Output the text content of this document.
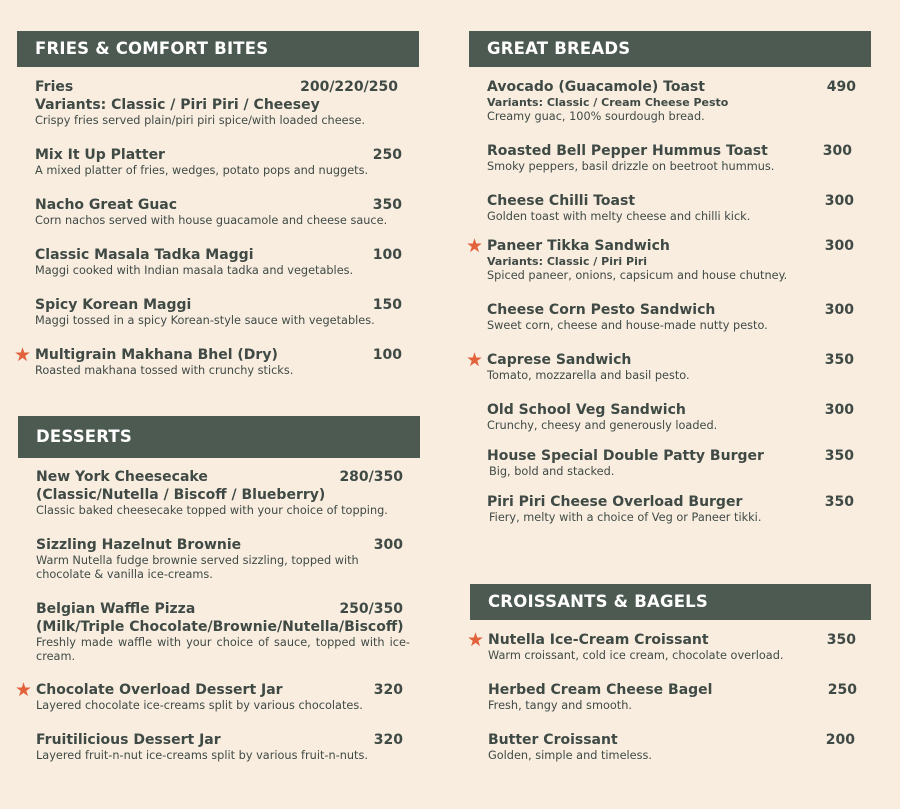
FRIES & COMFORT BITES
Fries	200/220/250
Variants: Classic / Piri Piri / Cheesey
Crispy fries served plain/piri piri spice/with loaded cheese.
Mix It Up Platter	250
A mixed platter of fries, wedges, potato pops and nuggets.
Nacho Great Guac	350
Corn nachos served with house guacamole and cheese sauce.
Classic Masala Tadka Maggi	100
Maggi cooked with Indian masala tadka and vegetables.
Spicy Korean Maggi	150
Maggi tossed in a spicy Korean-style sauce with vegetables.
★ Multigrain Makhana Bhel (Dry)	100
Roasted makhana tossed with crunchy sticks.
DESSERTS
New York Cheesecake	280/350
(Classic/Nutella / Biscoff / Blueberry)
Classic baked cheesecake topped with your choice of topping.
Sizzling Hazelnut Brownie	300
Warm Nutella fudge brownie served sizzling, topped with chocolate & vanilla ice-creams.
Belgian Waffle Pizza	250/350
(Milk/Triple Chocolate/Brownie/Nutella/Biscoff)
Freshly made waffle with your choice of sauce, topped with ice-cream.
★ Chocolate Overload Dessert Jar	320
Layered chocolate ice-creams split by various chocolates.
Fruitilicious Dessert Jar	320
Layered fruit-n-nut ice-creams split by various fruit-n-nuts.
GREAT BREADS
Avocado (Guacamole) Toast	490
Variants: Classic / Cream Cheese Pesto
Creamy guac, 100% sourdough bread.
Roasted Bell Pepper Hummus Toast	300
Smoky peppers, basil drizzle on beetroot hummus.
Cheese Chilli Toast	300
Golden toast with melty cheese and chilli kick.
★ Paneer Tikka Sandwich	300
Variants: Classic / Piri Piri
Spiced paneer, onions, capsicum and house chutney.
Cheese Corn Pesto Sandwich	300
Sweet corn, cheese and house-made nutty pesto.
★ Caprese Sandwich	350
Tomato, mozzarella and basil pesto.
Old School Veg Sandwich	300
Crunchy, cheesy and generously loaded.
House Special Double Patty Burger	350
Big, bold and stacked.
Piri Piri Cheese Overload Burger	350
Fiery, melty with a choice of Veg or Paneer tikki.
CROISSANTS & BAGELS
★ Nutella Ice-Cream Croissant	350
Warm croissant, cold ice cream, chocolate overload.
Herbed Cream Cheese Bagel	250
Fresh, tangy and smooth.
Butter Croissant	200
Golden, simple and timeless.
